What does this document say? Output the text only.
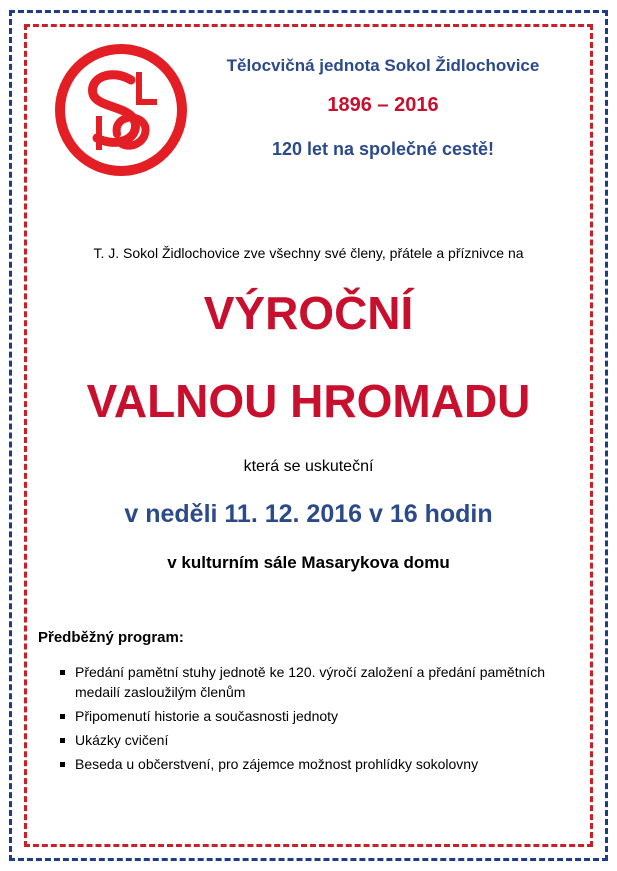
Tělocvičná jednota Sokol Židlochovice
1896 – 2016
120 let na společné cestě!
T. J. Sokol Židlochovice zve všechny své členy, přátele a příznivce na
VÝROČNÍ
VALNOU HROMADU
která se uskuteční
v neděli 11. 12. 2016 v 16 hodin
v kulturním sále Masarykova domu
Předběžný program:
Předání pamětní stuhy jednotě ke 120. výročí založení a předání pamětních medailí zasloužilým členům
Připomenutí historie a současnosti jednoty
Ukázky cvičení
Beseda u občerstvení, pro zájemce možnost prohlídky sokolovny
